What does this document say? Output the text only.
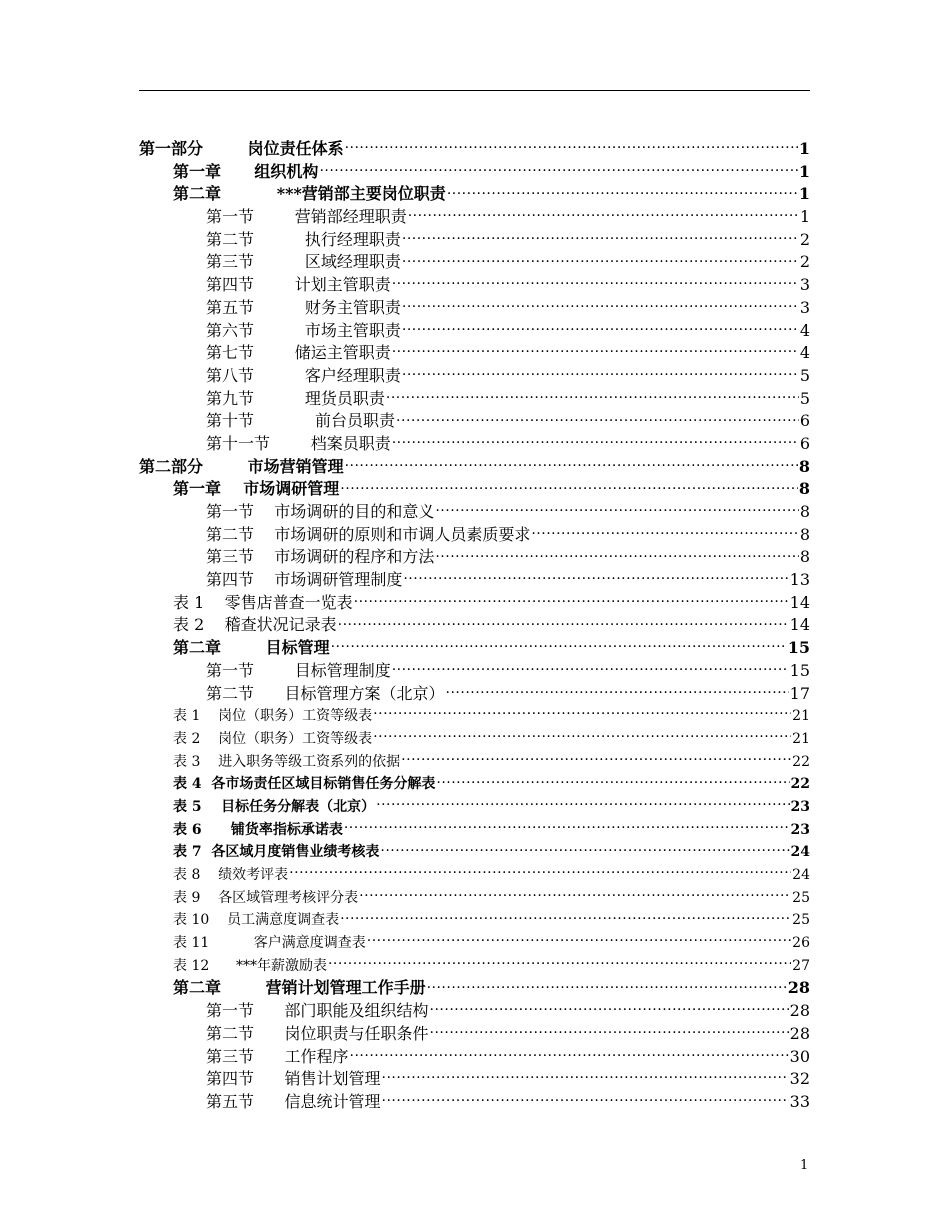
第一部分        岗位责任体系 .....	1
第一章      组织机构 .....	1
第二章          ***营销部主要岗位职责 .....	1
第一节        营销部经理职责 .....	1
第二节          执行经理职责 .....	2
第三节          区域经理职责 .....	2
第四节        计划主管职责 .....	3
第五节          财务主管职责 .....	3
第六节          市场主管职责 .....	4
第七节        储运主管职责 .....	4
第八节          客户经理职责 .....	5
第九节          理货员职责 .....	5
第十节            前台员职责 .....	6
第十一节        档案员职责 .....	6
第二部分        市场营销管理 .....	8
第一章    市场调研管理 .....	8
第一节    市场调研的目的和意义 .....	8
第二节    市场调研的原则和市调人员素质要求 .....	8
第三节    市场调研的程序和方法 .....	8
第四节    市场调研管理制度 .....	13
表 1    零售店普查一览表 .....	14
表 2    稽查状况记录表 .....	14
第二章        目标管理 .....	15
第一节        目标管理制度 .....	15
第二节      目标管理方案（北京） .....	17
表 1    岗位（职务）工资等级表 .....	21
表 2    岗位（职务）工资等级表 .....	21
表 3    进入职务等级工资系列的依据 .....	22
表 4  各市场责任区域目标销售任务分解表 .....	22
表 5    目标任务分解表（北京） .....	23
表 6      铺货率指标承诺表 .....	23
表 7  各区域月度销售业绩考核表 .....	24
表 8    绩效考评表 .....	24
表 9    各区域管理考核评分表 .....	25
表 10    员工满意度调查表 .....	25
表 11          客户满意度调查表 .....	26
表 12      ***年薪激励表 .....	27
第二章        营销计划管理工作手册 .....	28
第一节      部门职能及组织结构 .....	28
第二节      岗位职责与任职条件 .....	28
第三节      工作程序 .....	30
第四节      销售计划管理 .....	32
第五节      信息统计管理 .....	33
1
